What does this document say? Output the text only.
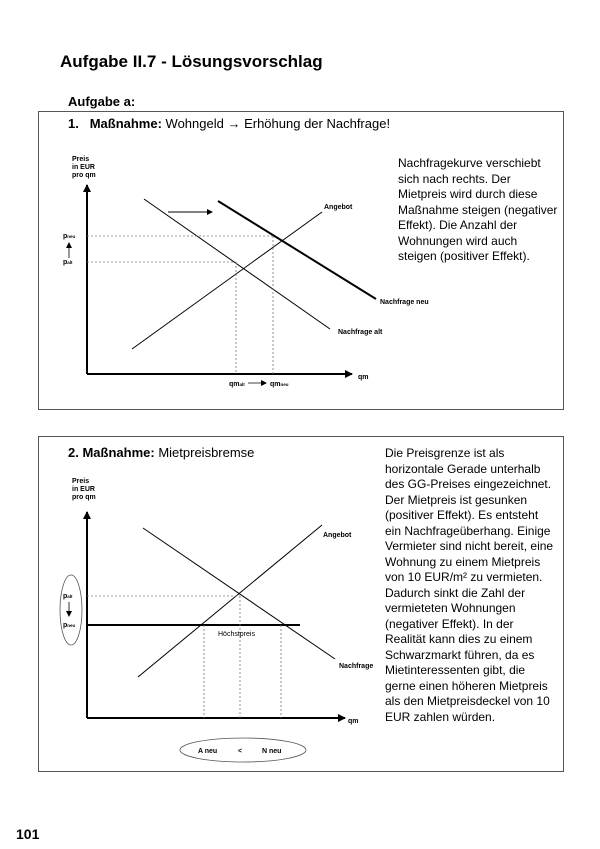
Aufgabe II.7 - Lösungsvorschlag
Aufgabe a:
1. Maßnahme: Wohngeld → Erhöhung der Nachfrage!
Nachfragekurve verschiebt sich nach rechts. Der Mietpreis wird durch diese Maßnahme steigen (negativer Effekt). Die Anzahl der Wohnungen wird auch steigen (positiver Effekt).
2. Maßnahme: Mietpreisbremse	Die Preisgrenze ist als horizontale Gerade unterhalb des GG-Preises eingezeichnet. Der Mietpreis ist gesunken (positiver Effekt). Es entsteht ein Nachfrageüberhang. Einige Vermieter sind nicht bereit, eine Wohnung zu einem Mietpreis von 10 EUR/m² zu vermieten. Dadurch sinkt die Zahl der vermieteten Wohnungen (negativer Effekt). In der Realität kann dies zu einem Schwarzmarkt führen, da es Mietinteressenten gibt, die gerne einen höheren Mietpreis als den Mietpreisdeckel von 10 EUR zahlen würden.
Preis
in EUR
pro qm
Angebot
Nachfrage neu
Nachfrage alt
qm
pneu
palt
qmalt	qmneu
Preis
in EUR
pro qm
Angebot
Nachfrage
Höchstpreis
qm
palt
pneu
A neu	<	N neu
101
